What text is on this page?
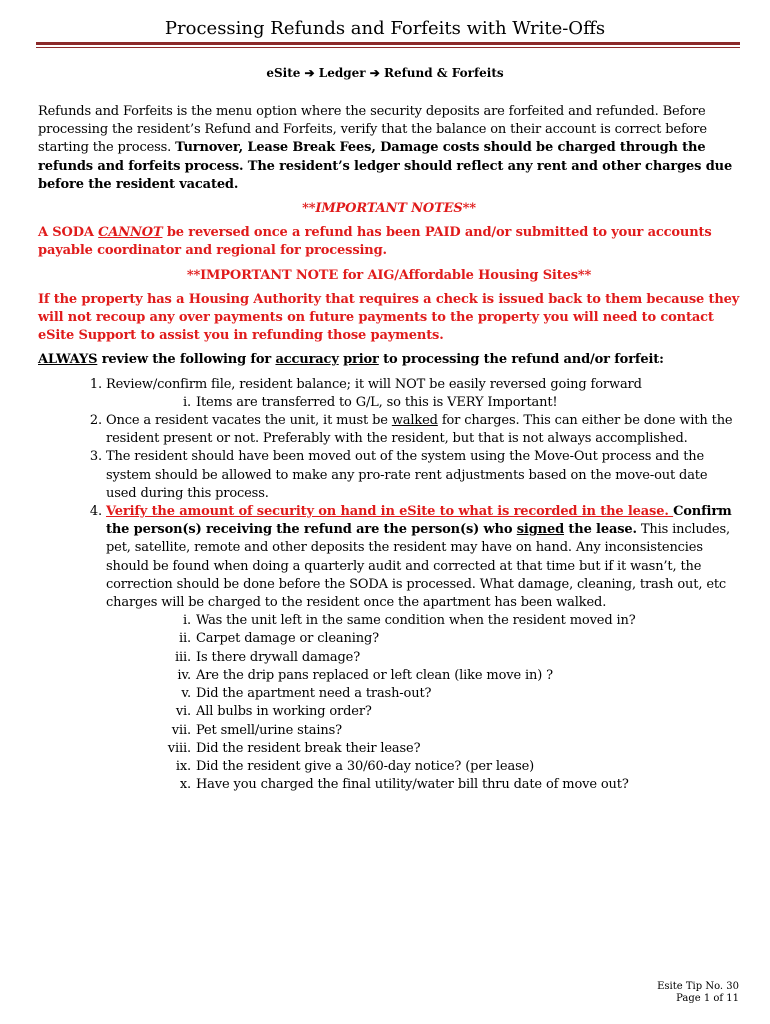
Processing Refunds and Forfeits with Write-Offs
eSite ➔ Ledger ➔ Refund & Forfeits

Refunds and Forfeits is the menu option where the security deposits are forfeited and refunded. Before processing the resident’s Refund and Forfeits, verify that the balance on their account is correct before starting the process. Turnover, Lease Break Fees, Damage costs should be charged through the refunds and forfeits process. The resident’s ledger should reflect any rent and other charges due before the resident vacated.

**IMPORTANT NOTES**

A SODA CANNOT be reversed once a refund has been PAID and/or submitted to your accounts payable coordinator and regional for processing.

**IMPORTANT NOTE for AIG/Affordable Housing Sites**

If the property has a Housing Authority that requires a check is issued back to them because they will not recoup any over payments on future payments to the property you will need to contact eSite Support to assist you in refunding those payments.

ALWAYS review the following for accuracy prior to processing the refund and/or forfeit:

1. Review/confirm file, resident balance; it will NOT be easily reversed going forward
i. Items are transferred to G/L, so this is VERY Important!
2. Once a resident vacates the unit, it must be walked for charges. This can either be done with the resident present or not. Preferably with the resident, but that is not always accomplished.
3. The resident should have been moved out of the system using the Move-Out process and the system should be allowed to make any pro-rate rent adjustments based on the move-out date used during this process.
4. Verify the amount of security on hand in eSite to what is recorded in the lease. Confirm the person(s) receiving the refund are the person(s) who signed the lease. This includes, pet, satellite, remote and other deposits the resident may have on hand. Any inconsistencies should be found when doing a quarterly audit and corrected at that time but if it wasn’t, the correction should be done before the SODA is processed. What damage, cleaning, trash out, etc charges will be charged to the resident once the apartment has been walked.
i. Was the unit left in the same condition when the resident moved in?
ii. Carpet damage or cleaning?
iii. Is there drywall damage?
iv. Are the drip pans replaced or left clean (like move in) ?
v. Did the apartment need a trash-out?
vi. All bulbs in working order?
vii. Pet smell/urine stains?
viii. Did the resident break their lease?
ix. Did the resident give a 30/60-day notice? (per lease)
x. Have you charged the final utility/water bill thru date of move out?
Esite Tip No. 30
Page 1 of 11
